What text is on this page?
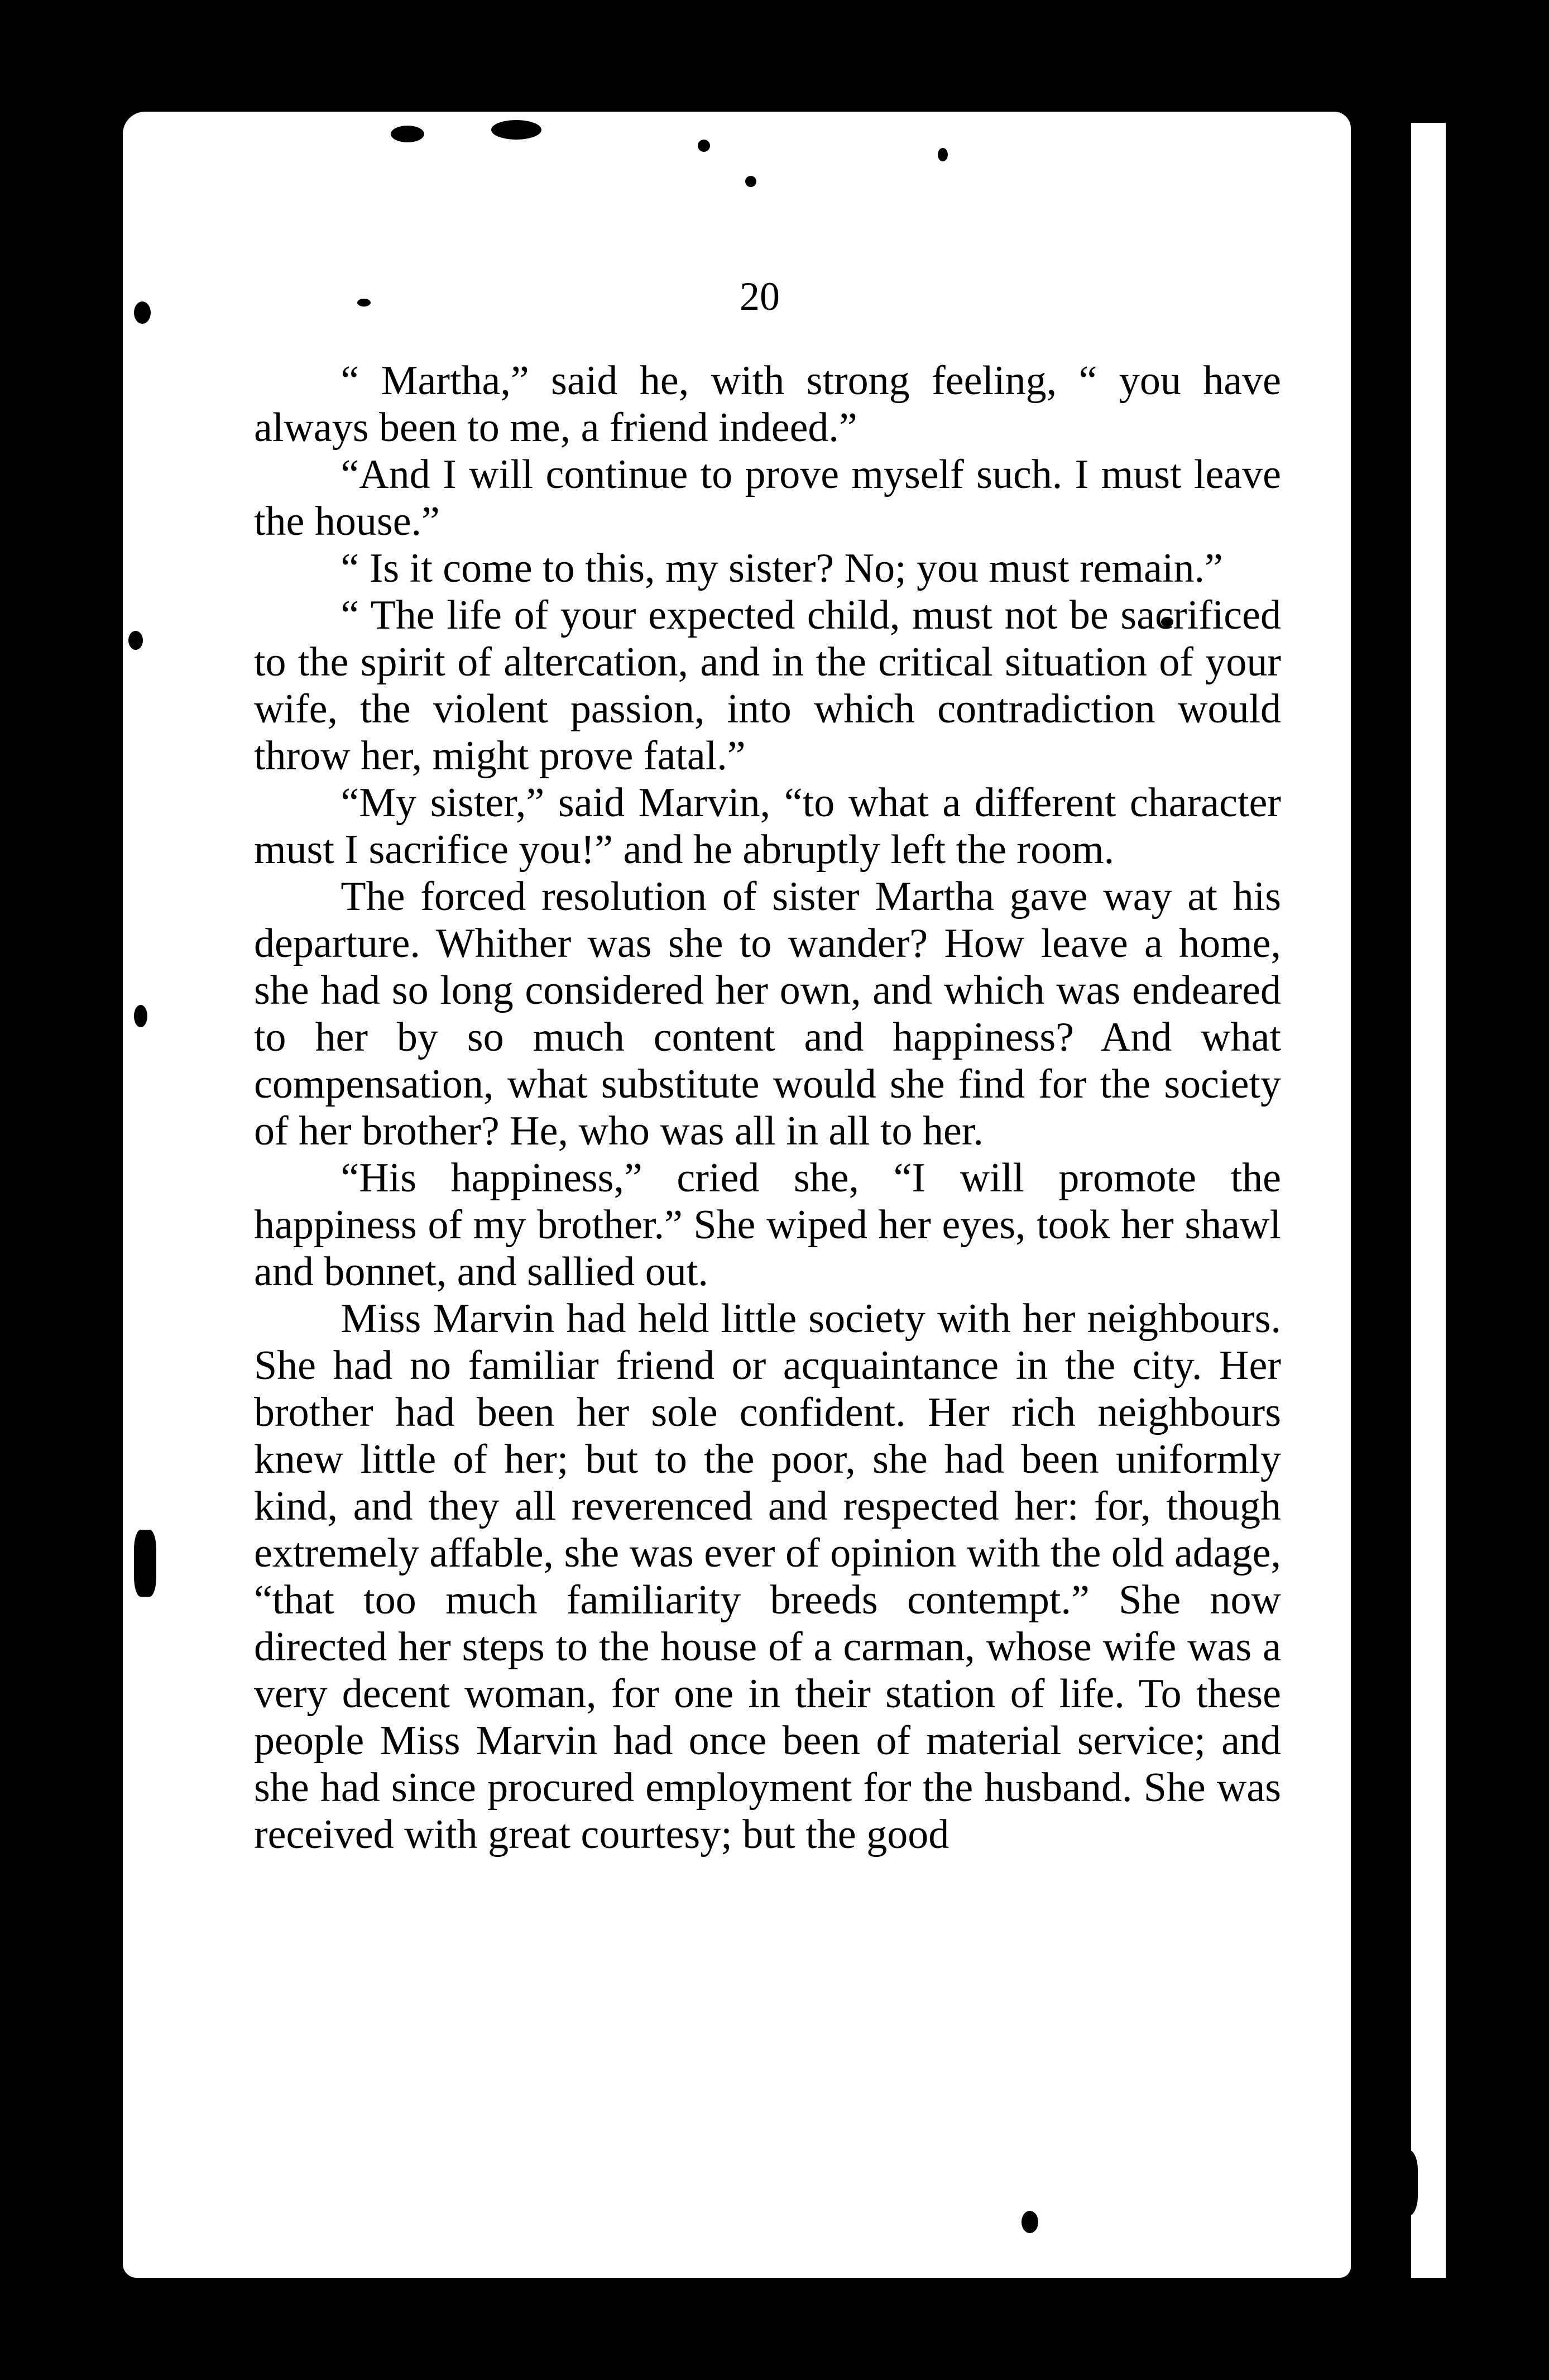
20

“ Martha,” said he, with strong feeling, “ you have always been to me, a friend indeed.”

“And I will continue to prove myself such. I must leave the house.”

“ Is it come to this, my sister? No; you must remain.”

“ The life of your expected child, must not be sacrificed to the spirit of altercation, and in the critical situation of your wife, the violent passion, into which contradiction would throw her, might prove fatal.”

“My sister,” said Marvin, “to what a different character must I sacrifice you!” and he abruptly left the room.

The forced resolution of sister Martha gave way at his departure. Whither was she to wander? How leave a home, she had so long considered her own, and which was endeared to her by so much content and happiness? And what compensation, what substitute would she find for the society of her brother? He, who was all in all to her.

“His happiness,” cried she, “I will promote the happiness of my brother.” She wiped her eyes, took her shawl and bonnet, and sallied out.

Miss Marvin had held little society with her neighbours. She had no familiar friend or acquaintance in the city. Her brother had been her sole confident. Her rich neighbours knew little of her; but to the poor, she had been uniformly kind, and they all reverenced and respected her: for, though extremely affable, she was ever of opinion with the old adage, “that too much familiarity breeds contempt.” She now directed her steps to the house of a carman, whose wife was a very decent woman, for one in their station of life. To these people Miss Marvin had once been of material service; and she had since procured employment for the husband. She was received with great courtesy; but the good
